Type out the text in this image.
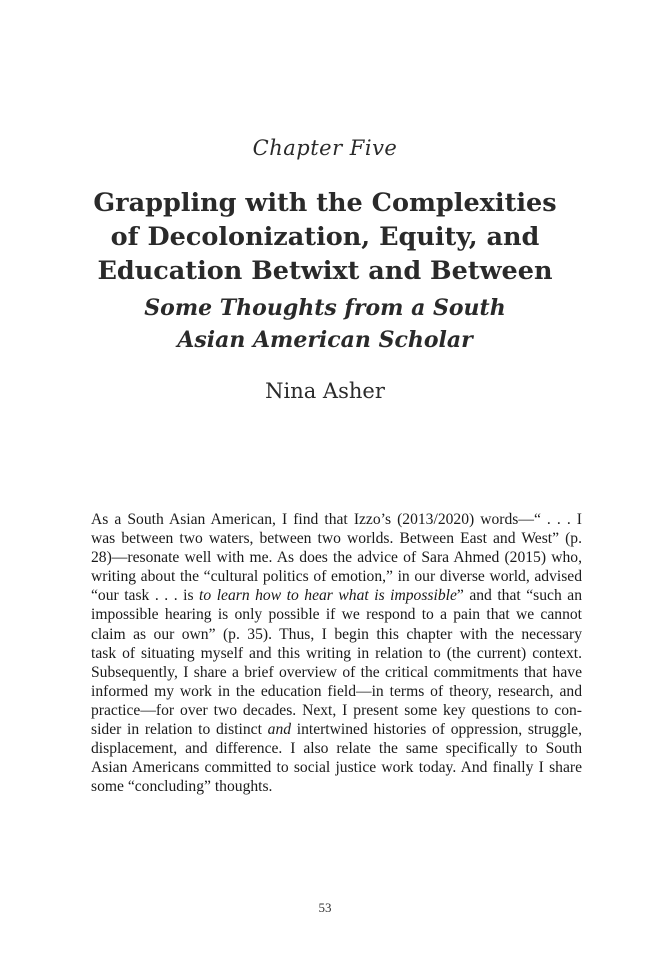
Chapter Five
Grappling with the Complexities
of Decolonization, Equity, and
Education Betwixt and Between
Some Thoughts from a South
Asian American Scholar
Nina Asher
As a South Asian American, I find that Izzo’s (2013/2020) words—“ . . . I
was between two waters, between two worlds. Between East and West” (p.
28)—resonate well with me. As does the advice of Sara Ahmed (2015) who,
writing about the “cultural politics of emotion,” in our diverse world, advised
“our task . . . is to learn how to hear what is impossible” and that “such an
impossible hearing is only possible if we respond to a pain that we cannot
claim as our own” (p. 35). Thus, I begin this chapter with the necessary
task of situating myself and this writing in relation to (the current) context.
Subsequently, I share a brief overview of the critical commitments that have
informed my work in the education field—in terms of theory, research, and
practice—for over two decades. Next, I present some key questions to con-
sider in relation to distinct and intertwined histories of oppression, struggle,
displacement, and difference. I also relate the same specifically to South
Asian Americans committed to social justice work today. And finally I share
some “concluding” thoughts.
53
